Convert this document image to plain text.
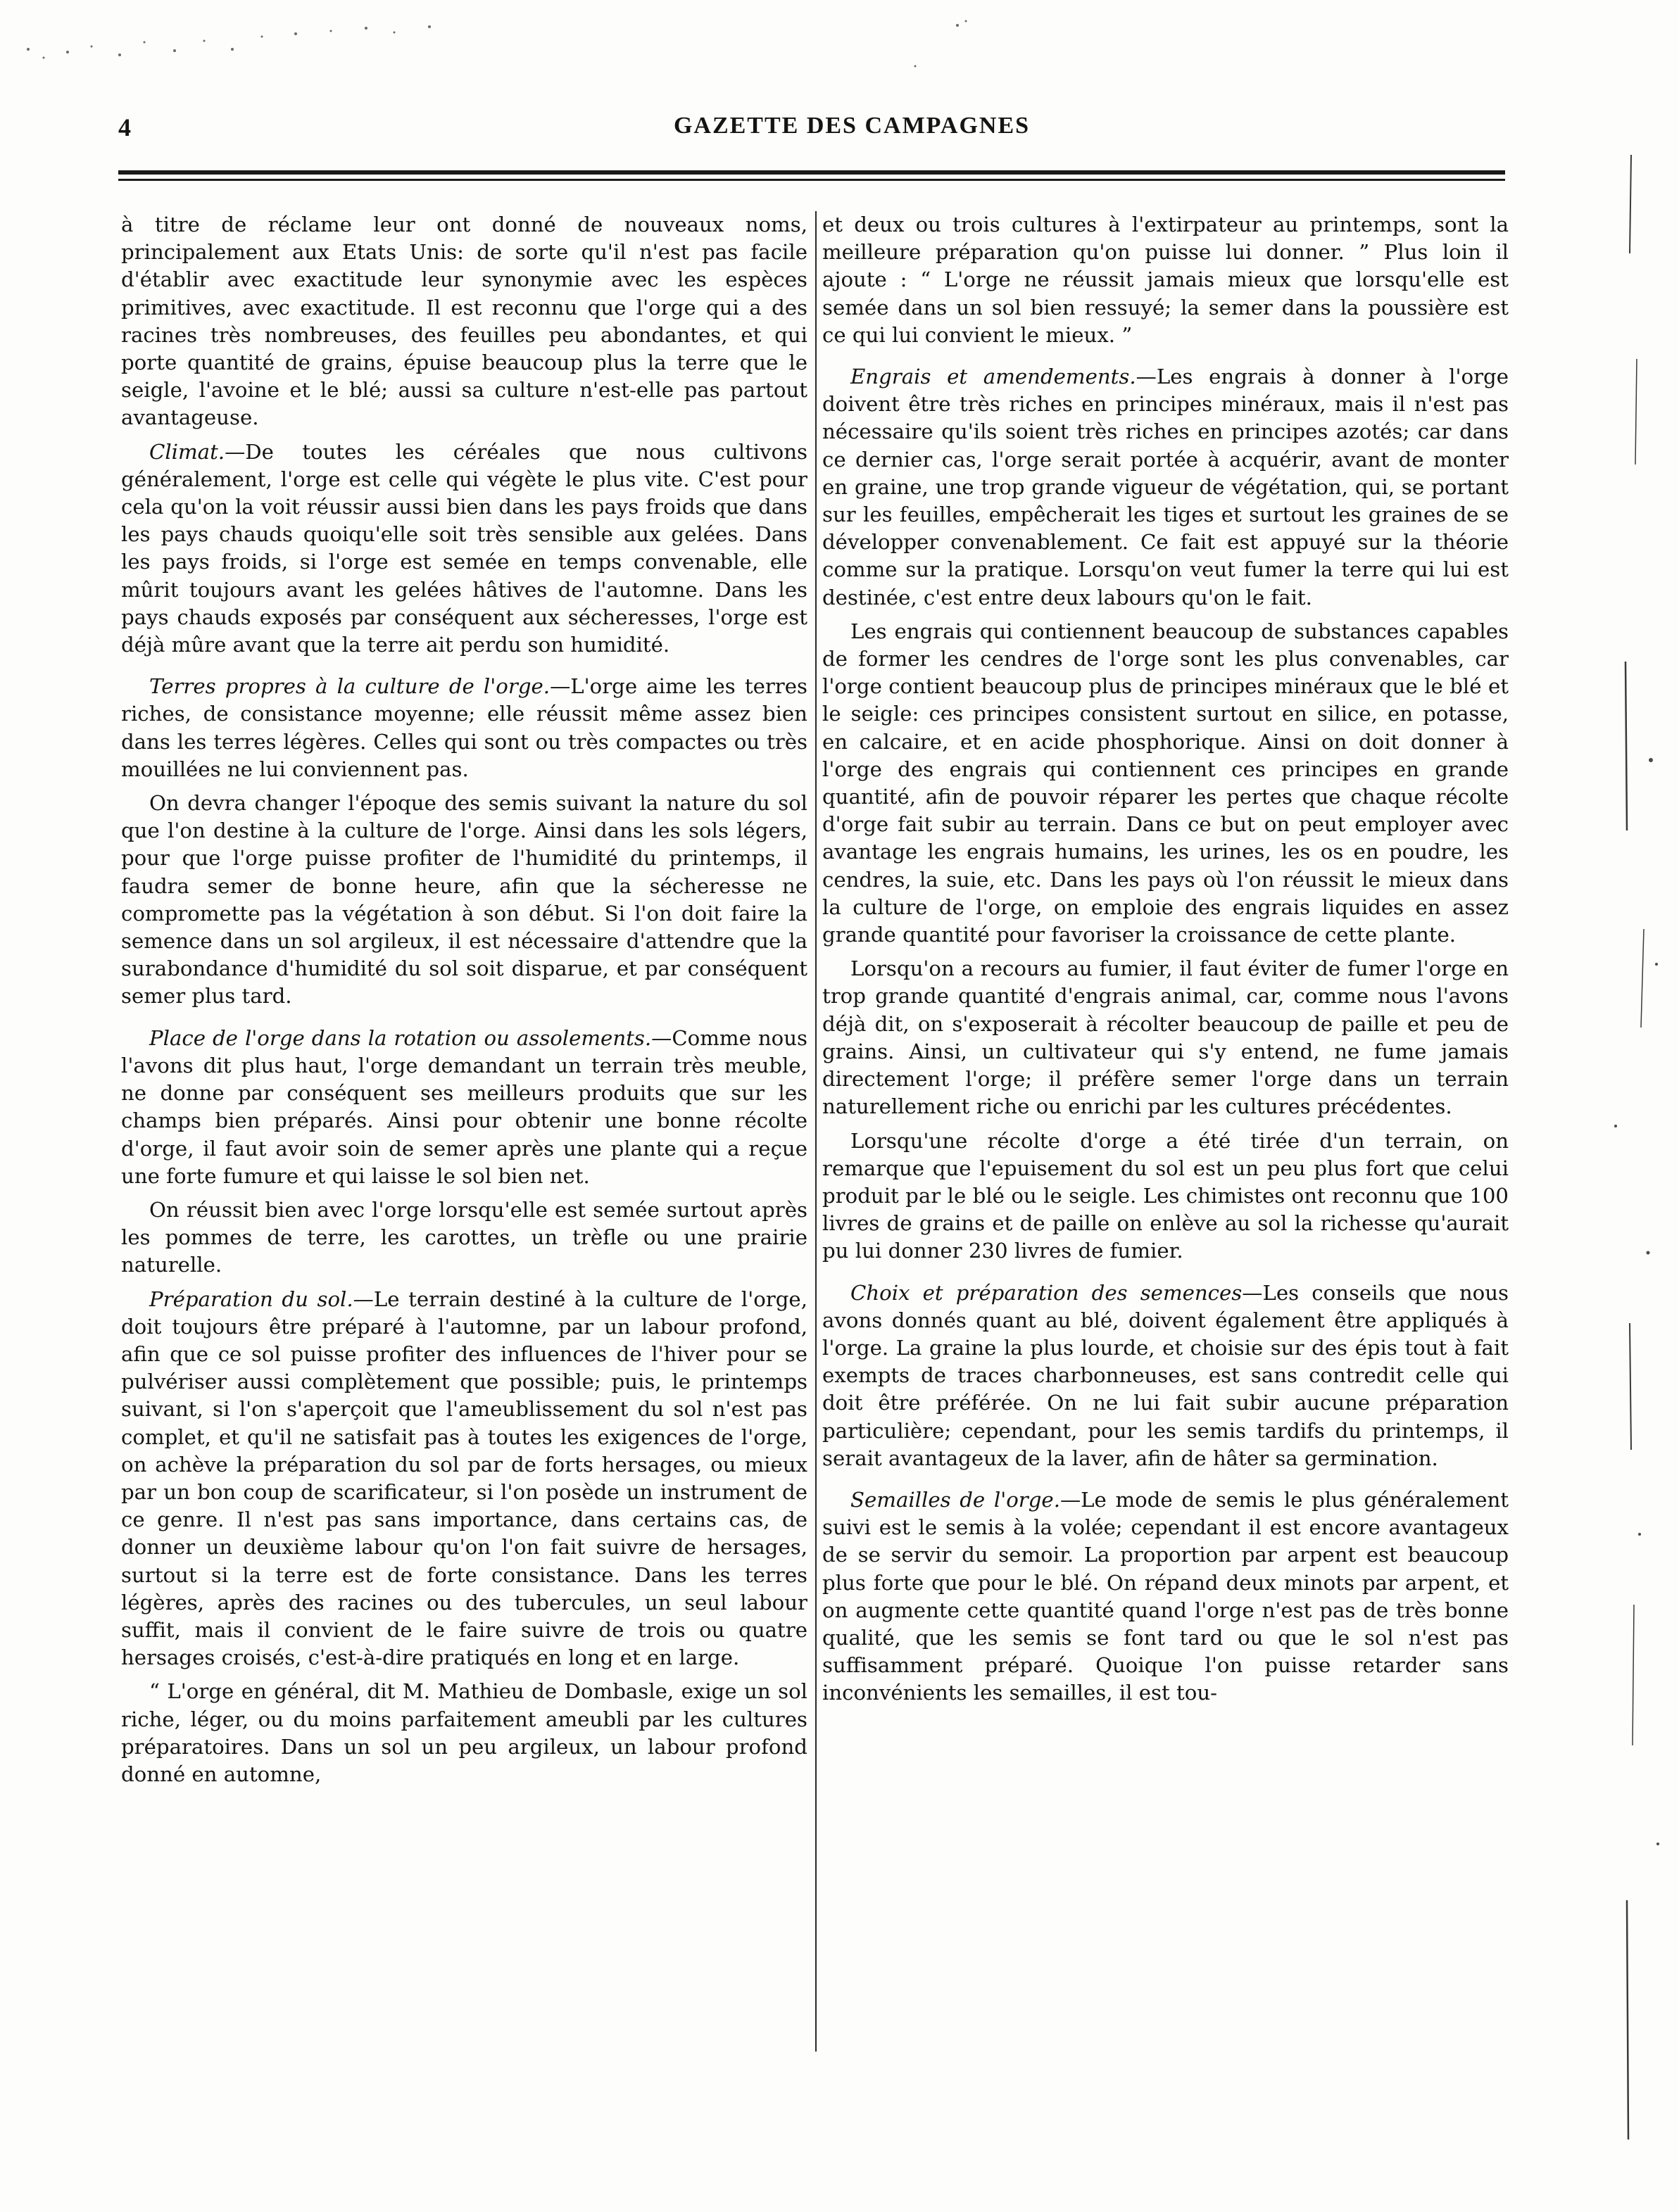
4	GAZETTE DES CAMPAGNES

à titre de réclame leur ont donné de nouveaux noms, principalement aux Etats Unis: de sorte qu'il n'est pas facile d'établir avec exactitude leur synonymie avec les espèces primitives, avec exactitude. Il est reconnu que l'orge qui a des racines très nombreuses, des feuilles peu abondantes, et qui porte quantité de grains, épuise beaucoup plus la terre que le seigle, l'avoine et le blé; aussi sa culture n'est-elle pas partout avantageuse.

Climat.—De toutes les céréales que nous cultivons généralement, l'orge est celle qui végète le plus vite. C'est pour cela qu'on la voit réussir aussi bien dans les pays froids que dans les pays chauds quoiqu'elle soit très sensible aux gelées. Dans les pays froids, si l'orge est semée en temps convenable, elle mûrit toujours avant les gelées hâtives de l'automne. Dans les pays chauds exposés par conséquent aux sécheresses, l'orge est déjà mûre avant que la terre ait perdu son humidité.

Terres propres à la culture de l'orge.—L'orge aime les terres riches, de consistance moyenne; elle réussit même assez bien dans les terres légères. Celles qui sont ou très compactes ou très mouillées ne lui conviennent pas.

On devra changer l'époque des semis suivant la nature du sol que l'on destine à la culture de l'orge. Ainsi dans les sols légers, pour que l'orge puisse profiter de l'humidité du printemps, il faudra semer de bonne heure, afin que la sécheresse ne compromette pas la végétation à son début. Si l'on doit faire la semence dans un sol argileux, il est nécessaire d'attendre que la surabondance d'humidité du sol soit disparue, et par conséquent semer plus tard.

Place de l'orge dans la rotation ou assolements.—Comme nous l'avons dit plus haut, l'orge demandant un terrain très meuble, ne donne par conséquent ses meilleurs produits que sur les champs bien préparés. Ainsi pour obtenir une bonne récolte d'orge, il faut avoir soin de semer après une plante qui a reçue une forte fumure et qui laisse le sol bien net.

On réussit bien avec l'orge lorsqu'elle est semée surtout après les pommes de terre, les carottes, un trèfle ou une prairie naturelle.

Préparation du sol.—Le terrain destiné à la culture de l'orge, doit toujours être préparé à l'automne, par un labour profond, afin que ce sol puisse profiter des influences de l'hiver pour se pulvériser aussi complètement que possible; puis, le printemps suivant, si l'on s'aperçoit que l'ameublissement du sol n'est pas complet, et qu'il ne satisfait pas à toutes les exigences de l'orge, on achève la préparation du sol par de forts hersages, ou mieux par un bon coup de scarificateur, si l'on posède un instrument de ce genre. Il n'est pas sans importance, dans certains cas, de donner un deuxième labour qu'on l'on fait suivre de hersages, surtout si la terre est de forte consistance. Dans les terres légères, après des racines ou des tubercules, un seul labour suffit, mais il convient de le faire suivre de trois ou quatre hersages croisés, c'est-à-dire pratiqués en long et en large.

“ L'orge en général, dit M. Mathieu de Dombasle, exige un sol riche, léger, ou du moins parfaitement ameubli par les cultures préparatoires. Dans un sol un peu argileux, un labour profond donné en automne,

et deux ou trois cultures à l'extirpateur au printemps, sont la meilleure préparation qu'on puisse lui donner. ” Plus loin il ajoute : “ L'orge ne réussit jamais mieux que lorsqu'elle est semée dans un sol bien ressuyé; la semer dans la poussière est ce qui lui convient le mieux. ”

Engrais et amendements.—Les engrais à donner à l'orge doivent être très riches en principes minéraux, mais il n'est pas nécessaire qu'ils soient très riches en principes azotés; car dans ce dernier cas, l'orge serait portée à acquérir, avant de monter en graine, une trop grande vigueur de végétation, qui, se portant sur les feuilles, empêcherait les tiges et surtout les graines de se développer convenablement. Ce fait est appuyé sur la théorie comme sur la pratique. Lorsqu'on veut fumer la terre qui lui est destinée, c'est entre deux labours qu'on le fait.

Les engrais qui contiennent beaucoup de substances capables de former les cendres de l'orge sont les plus convenables, car l'orge contient beaucoup plus de principes minéraux que le blé et le seigle: ces principes consistent surtout en silice, en potasse, en calcaire, et en acide phosphorique. Ainsi on doit donner à l'orge des engrais qui contiennent ces principes en grande quantité, afin de pouvoir réparer les pertes que chaque récolte d'orge fait subir au terrain. Dans ce but on peut employer avec avantage les engrais humains, les urines, les os en poudre, les cendres, la suie, etc. Dans les pays où l'on réussit le mieux dans la culture de l'orge, on emploie des engrais liquides en assez grande quantité pour favoriser la croissance de cette plante.

Lorsqu'on a recours au fumier, il faut éviter de fumer l'orge en trop grande quantité d'engrais animal, car, comme nous l'avons déjà dit, on s'exposerait à récolter beaucoup de paille et peu de grains. Ainsi, un cultivateur qui s'y entend, ne fume jamais directement l'orge; il préfère semer l'orge dans un terrain naturellement riche ou enrichi par les cultures précédentes.

Lorsqu'une récolte d'orge a été tirée d'un terrain, on remarque que l'epuisement du sol est un peu plus fort que celui produit par le blé ou le seigle. Les chimistes ont reconnu que 100 livres de grains et de paille on enlève au sol la richesse qu'aurait pu lui donner 230 livres de fumier.

Choix et préparation des semences—Les conseils que nous avons donnés quant au blé, doivent également être appliqués à l'orge. La graine la plus lourde, et choisie sur des épis tout à fait exempts de traces charbonneuses, est sans contredit celle qui doit être préférée. On ne lui fait subir aucune préparation particulière; cependant, pour les semis tardifs du printemps, il serait avantageux de la laver, afin de hâter sa germination.

Semailles de l'orge.—Le mode de semis le plus généralement suivi est le semis à la volée; cependant il est encore avantageux de se servir du semoir. La proportion par arpent est beaucoup plus forte que pour le blé. On répand deux minots par arpent, et on augmente cette quantité quand l'orge n'est pas de très bonne qualité, que les semis se font tard ou que le sol n'est pas suffisamment préparé. Quoique l'on puisse retarder sans inconvénients les semailles, il est tou-
